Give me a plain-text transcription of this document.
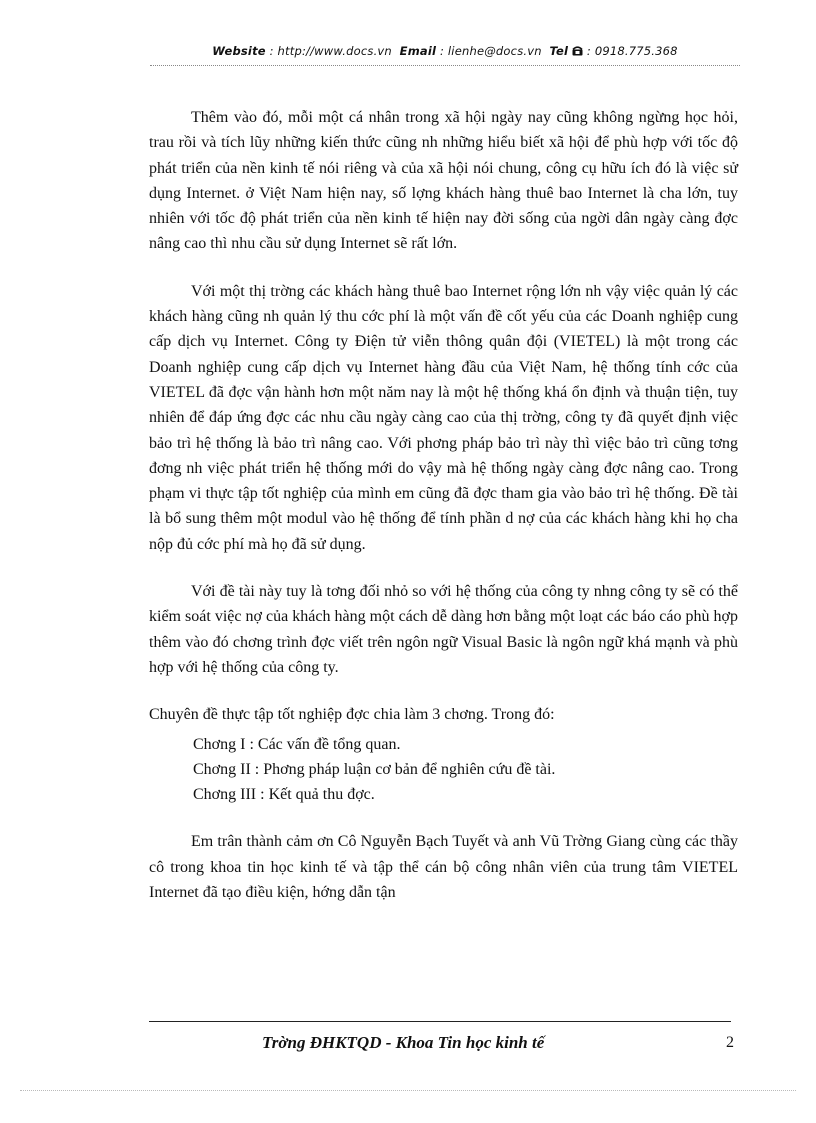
Website : http://www.docs.vn Email : lienhe@docs.vn Tel : 0918.775.368

Thêm vào đó, mỗi một cá nhân trong xã hội ngày nay cũng không ngừng học hỏi, trau rồi và tích lũy những kiến thức cũng nh những hiểu biết xã hội để phù hợp với tốc độ phát triển của nền kinh tế nói riêng và của xã hội nói chung, công cụ hữu ích đó là việc sử dụng Internet. ở Việt Nam hiện nay, số lợng khách hàng thuê bao Internet là cha lớn, tuy nhiên với tốc độ phát triển của nền kinh tế hiện nay đời sống của ngời dân ngày càng đợc nâng cao thì nhu cầu sử dụng Internet sẽ rất lớn.

Với một thị trờng các khách hàng thuê bao Internet rộng lớn nh vậy việc quản lý các khách hàng cũng nh quản lý thu cớc phí là một vấn đề cốt yếu của các Doanh nghiệp cung cấp dịch vụ Internet. Công ty Điện tử viễn thông quân đội (VIETEL) là một trong các Doanh nghiệp cung cấp dịch vụ Internet hàng đầu của Việt Nam, hệ thống tính cớc của VIETEL đã đợc vận hành hơn một năm nay là một hệ thống khá ổn định và thuận tiện, tuy nhiên để đáp ứng đợc các nhu cầu ngày càng cao của thị trờng, công ty đã quyết định việc bảo trì hệ thống là bảo trì nâng cao. Với phơng pháp bảo trì này thì việc bảo trì cũng tơng đơng nh việc phát triển hệ thống mới do vậy mà hệ thống ngày càng đợc nâng cao. Trong phạm vi thực tập tốt nghiệp của mình em cũng đã đợc tham gia vào bảo trì hệ thống. Đề tài là bổ sung thêm một modul vào hệ thống để tính phần d nợ của các khách hàng khi họ cha nộp đủ cớc phí mà họ đã sử dụng.

Với đề tài này tuy là tơng đối nhỏ so với hệ thống của công ty nhng công ty sẽ có thể kiểm soát việc nợ của khách hàng một cách dễ dàng hơn bằng một loạt các báo cáo phù hợp thêm vào đó chơng trình đợc viết trên ngôn ngữ Visual Basic là ngôn ngữ khá mạnh và phù hợp với hệ thống của công ty.

Chuyên đề thực tập tốt nghiệp đợc chia làm 3 chơng. Trong đó:

Chơng I : Các vấn đề tổng quan.
Chơng II : Phơng pháp luận cơ bản để nghiên cứu đề tài.
Chơng III : Kết quả thu đợc.

Em trân thành cảm ơn Cô Nguyễn Bạch Tuyết và anh Vũ Trờng Giang cùng các thầy cô trong khoa tin học kinh tế và tập thể cán bộ công nhân viên của trung tâm VIETEL Internet đã tạo điều kiện, hớng dẫn tận

Trờng ĐHKTQD - Khoa Tin học kinh tế	2
